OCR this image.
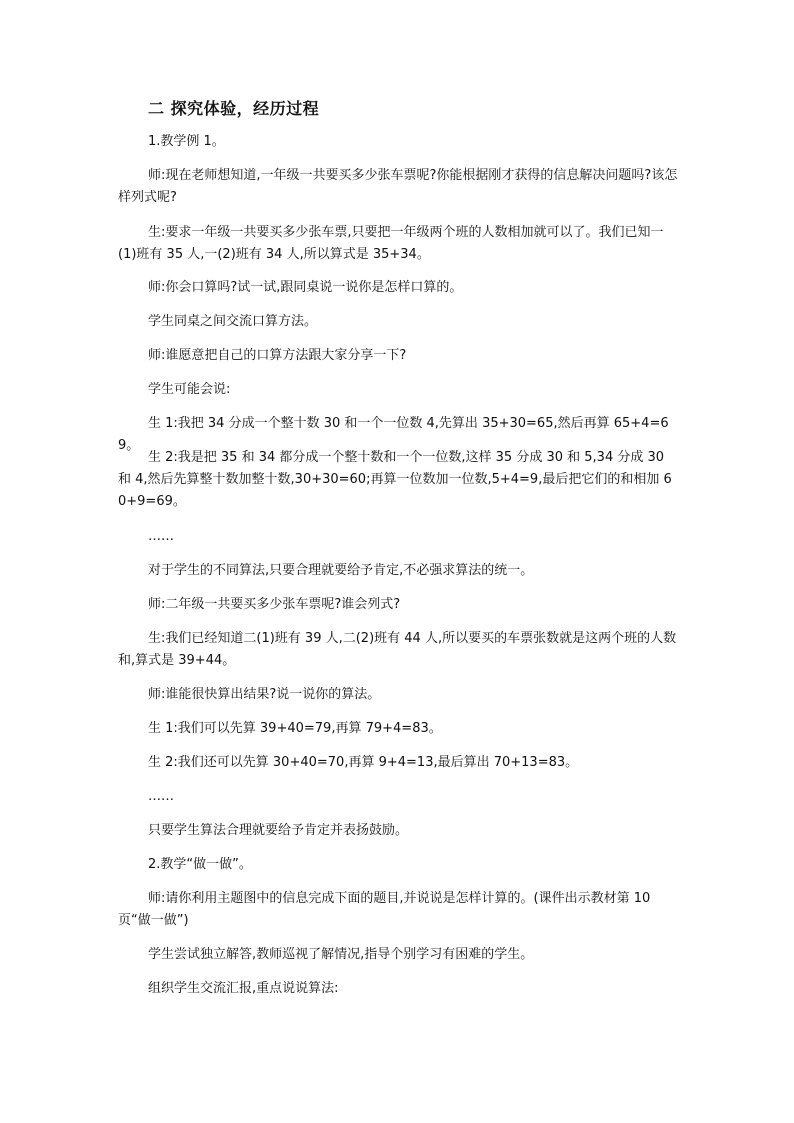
二 探究体验，经历过程

1.教学例 1。

师:现在老师想知道,一年级一共要买多少张车票呢?你能根据刚才获得的信息解决问题吗?该怎样列式呢?

生:要求一年级一共要买多少张车票,只要把一年级两个班的人数相加就可以了。我们已知一(1)班有 35 人,一(2)班有 34 人,所以算式是 35+34。

师:你会口算吗?试一试,跟同桌说一说你是怎样口算的。

学生同桌之间交流口算方法。

师:谁愿意把自己的口算方法跟大家分享一下?

学生可能会说:

生 1:我把 34 分成一个整十数 30 和一个一位数 4,先算出 35+30=65,然后再算 65+4=69。

生 2:我是把 35 和 34 都分成一个整十数和一个一位数,这样 35 分成 30 和 5,34 分成 30 和 4,然后先算整十数加整十数,30+30=60;再算一位数加一位数,5+4=9,最后把它们的和相加 60+9=69。

……

对于学生的不同算法,只要合理就要给予肯定,不必强求算法的统一。

师:二年级一共要买多少张车票呢?谁会列式?

生:我们已经知道二(1)班有 39 人,二(2)班有 44 人,所以要买的车票张数就是这两个班的人数和,算式是 39+44。

师:谁能很快算出结果?说一说你的算法。

生 1:我们可以先算 39+40=79,再算 79+4=83。

生 2:我们还可以先算 30+40=70,再算 9+4=13,最后算出 70+13=83。

……

只要学生算法合理就要给予肯定并表扬鼓励。

2.教学“做一做”。

师:请你利用主题图中的信息完成下面的题目,并说说是怎样计算的。(课件出示教材第 10 页“做一做”)

学生尝试独立解答,教师巡视了解情况,指导个别学习有困难的学生。

组织学生交流汇报,重点说说算法:
